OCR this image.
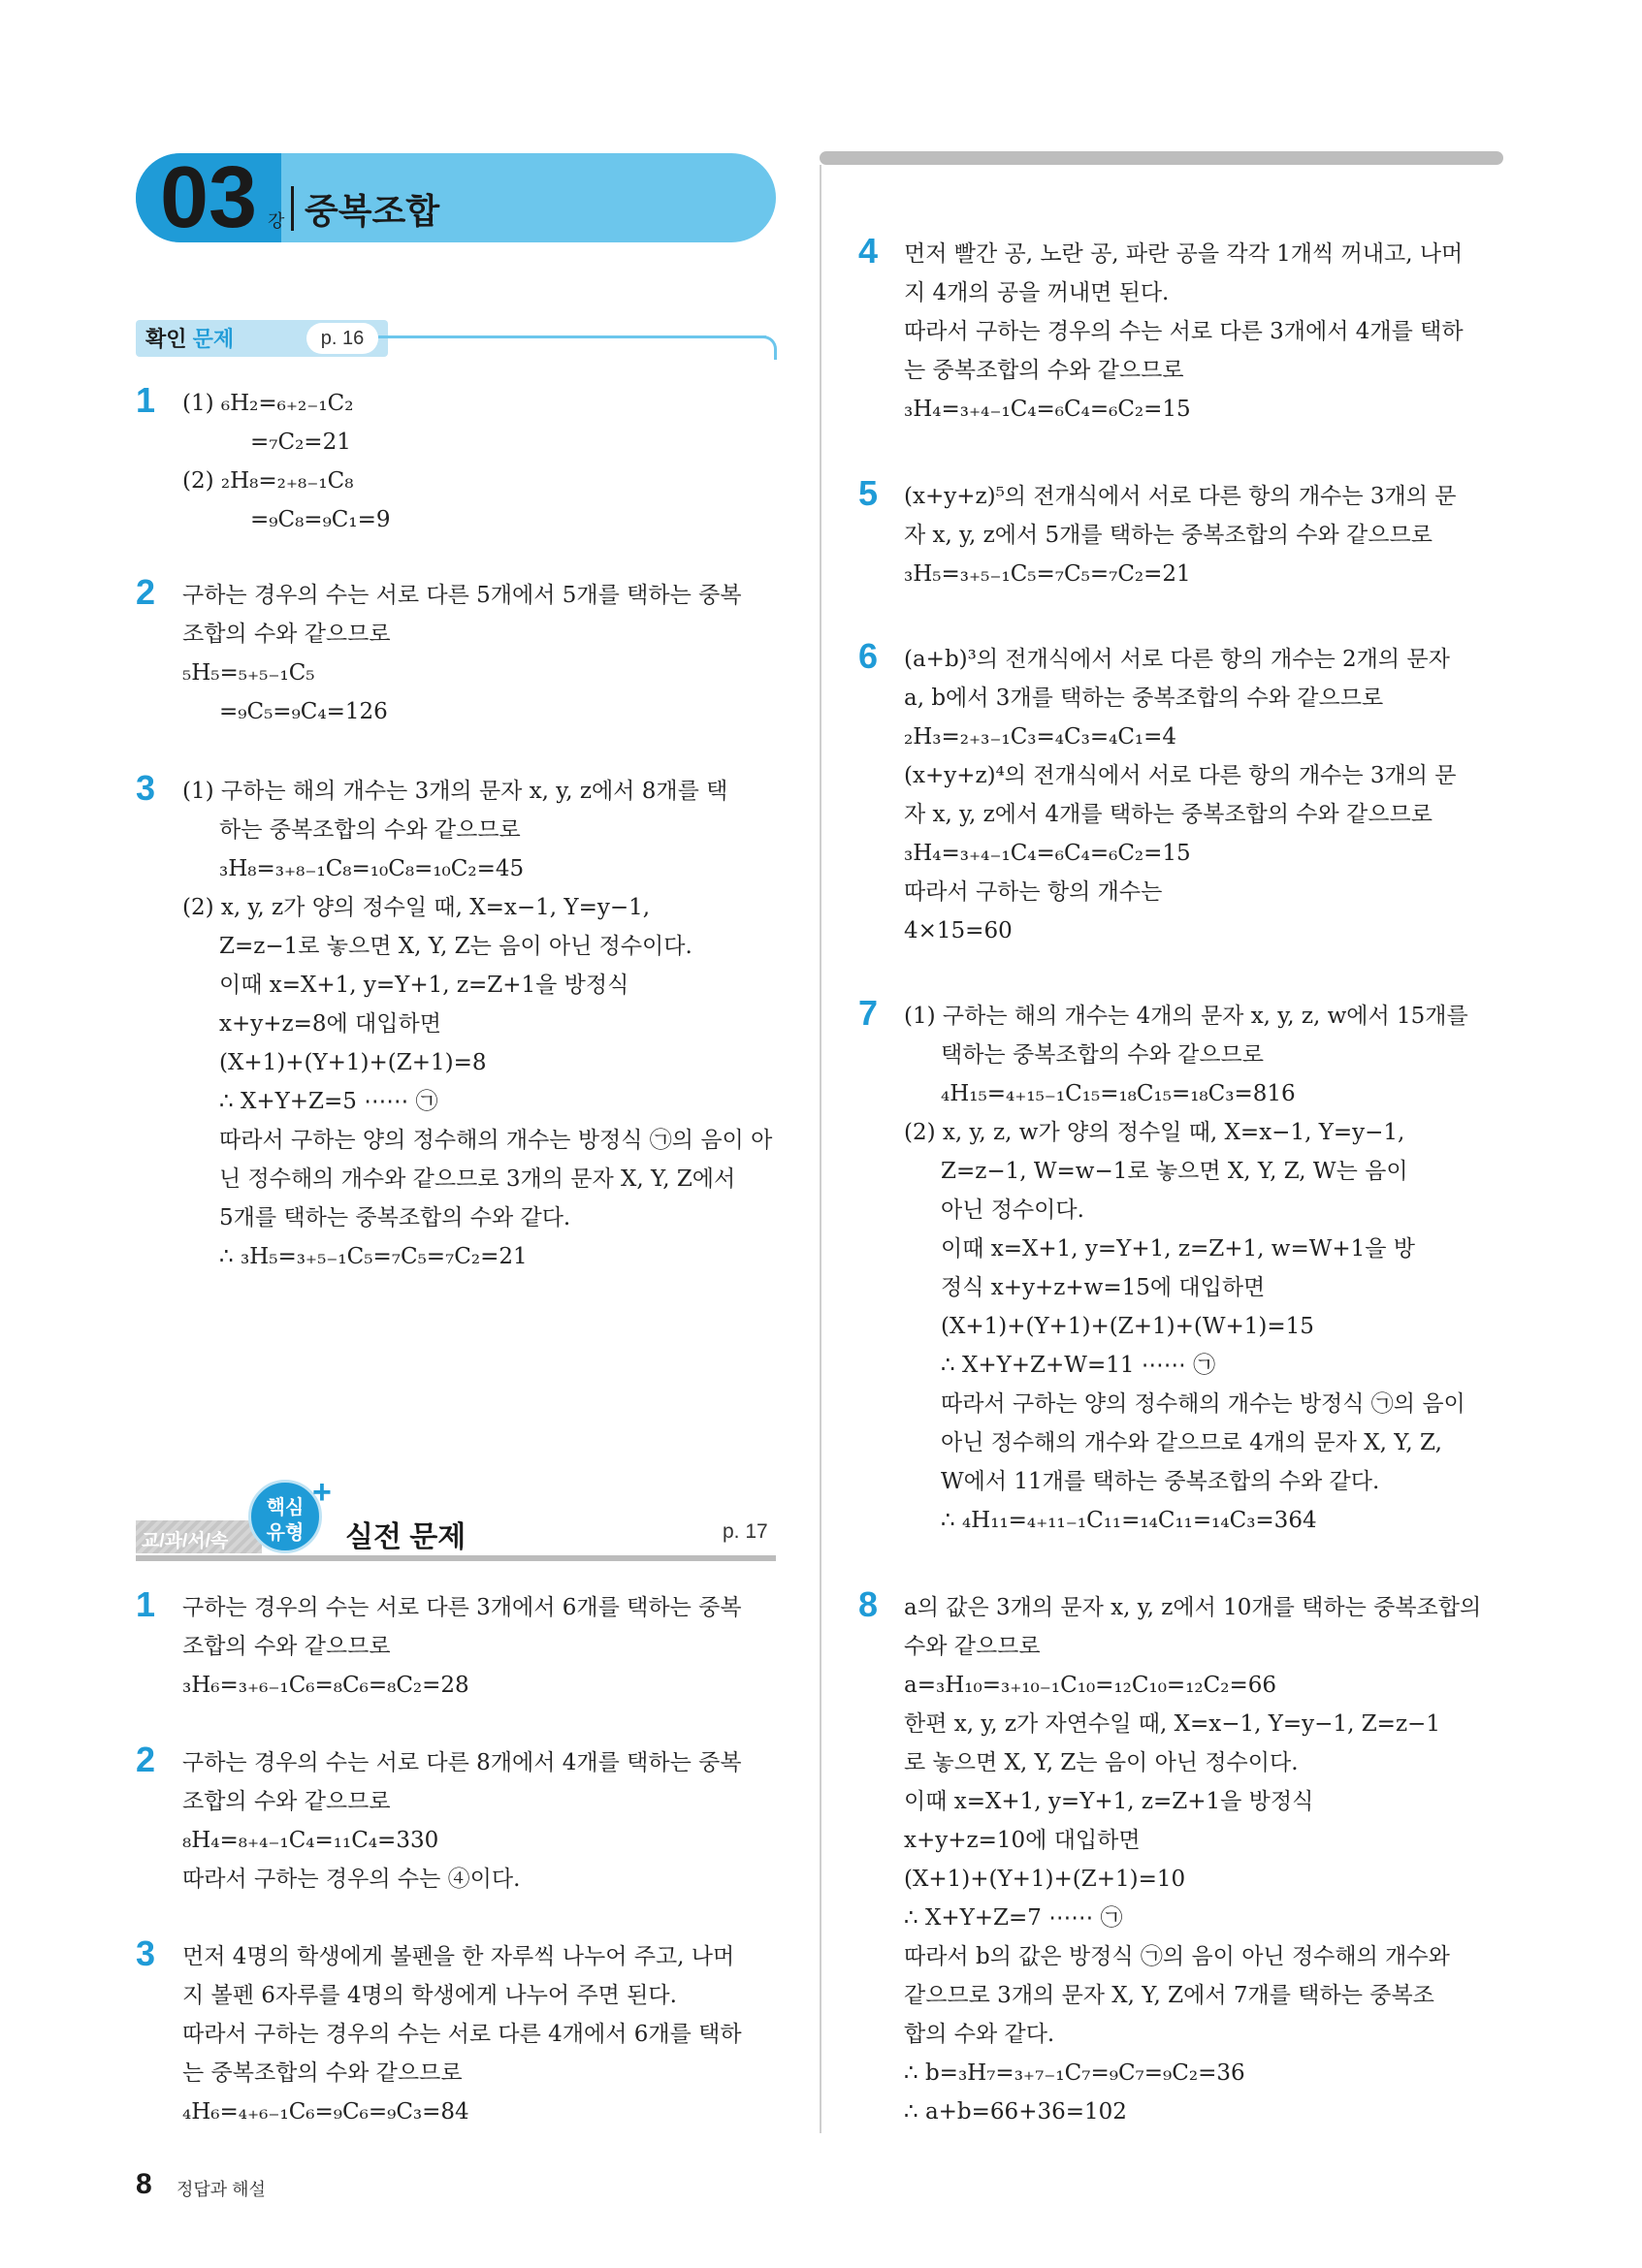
03 강 중복조합
확인 문제	p. 16
교/과/서/속
핵심
유형
+
실전 문제	p. 17
1 (1) ₆H₂=₆₊₂₋₁C₂
=₇C₂=21
(2) ₂H₈=₂₊₈₋₁C₈
=₉C₈=₉C₁=9
2 구하는 경우의 수는 서로 다른 5개에서 5개를 택하는 중복
조합의 수와 같으므로
₅H₅=₅₊₅₋₁C₅
=₉C₅=₉C₄=126
3 (1) 구하는 해의 개수는 3개의 문자 x, y, z에서 8개를 택
하는 중복조합의 수와 같으므로
₃H₈=₃₊₈₋₁C₈=₁₀C₈=₁₀C₂=45
(2) x, y, z가 양의 정수일 때, X=x−1, Y=y−1,
Z=z−1로 놓으면 X, Y, Z는 음이 아닌 정수이다.
이때 x=X+1, y=Y+1, z=Z+1을 방정식
x+y+z=8에 대입하면
(X+1)+(Y+1)+(Z+1)=8
∴ X+Y+Z=5 ⋯⋯ ㉠
따라서 구하는 양의 정수해의 개수는 방정식 ㉠의 음이 아
닌 정수해의 개수와 같으므로 3개의 문자 X, Y, Z에서
5개를 택하는 중복조합의 수와 같다.
∴ ₃H₅=₃₊₅₋₁C₅=₇C₅=₇C₂=21
1 구하는 경우의 수는 서로 다른 3개에서 6개를 택하는 중복
조합의 수와 같으므로
₃H₆=₃₊₆₋₁C₆=₈C₆=₈C₂=28
2 구하는 경우의 수는 서로 다른 8개에서 4개를 택하는 중복
조합의 수와 같으므로
₈H₄=₈₊₄₋₁C₄=₁₁C₄=330
따라서 구하는 경우의 수는 ④이다.
3 먼저 4명의 학생에게 볼펜을 한 자루씩 나누어 주고, 나머
지 볼펜 6자루를 4명의 학생에게 나누어 주면 된다.
따라서 구하는 경우의 수는 서로 다른 4개에서 6개를 택하
는 중복조합의 수와 같으므로
₄H₆=₄₊₆₋₁C₆=₉C₆=₉C₃=84
4 먼저 빨간 공, 노란 공, 파란 공을 각각 1개씩 꺼내고, 나머
지 4개의 공을 꺼내면 된다.
따라서 구하는 경우의 수는 서로 다른 3개에서 4개를 택하
는 중복조합의 수와 같으므로
₃H₄=₃₊₄₋₁C₄=₆C₄=₆C₂=15
5 (x+y+z)⁵의 전개식에서 서로 다른 항의 개수는 3개의 문
자 x, y, z에서 5개를 택하는 중복조합의 수와 같으므로
₃H₅=₃₊₅₋₁C₅=₇C₅=₇C₂=21
6 (a+b)³의 전개식에서 서로 다른 항의 개수는 2개의 문자
a, b에서 3개를 택하는 중복조합의 수와 같으므로
₂H₃=₂₊₃₋₁C₃=₄C₃=₄C₁=4
(x+y+z)⁴의 전개식에서 서로 다른 항의 개수는 3개의 문
자 x, y, z에서 4개를 택하는 중복조합의 수와 같으므로
₃H₄=₃₊₄₋₁C₄=₆C₄=₆C₂=15
따라서 구하는 항의 개수는
4×15=60
7 (1) 구하는 해의 개수는 4개의 문자 x, y, z, w에서 15개를
택하는 중복조합의 수와 같으므로
₄H₁₅=₄₊₁₅₋₁C₁₅=₁₈C₁₅=₁₈C₃=816
(2) x, y, z, w가 양의 정수일 때, X=x−1, Y=y−1,
Z=z−1, W=w−1로 놓으면 X, Y, Z, W는 음이
아닌 정수이다.
이때 x=X+1, y=Y+1, z=Z+1, w=W+1을 방
정식 x+y+z+w=15에 대입하면
(X+1)+(Y+1)+(Z+1)+(W+1)=15
∴ X+Y+Z+W=11 ⋯⋯ ㉠
따라서 구하는 양의 정수해의 개수는 방정식 ㉠의 음이
아닌 정수해의 개수와 같으므로 4개의 문자 X, Y, Z,
W에서 11개를 택하는 중복조합의 수와 같다.
∴ ₄H₁₁=₄₊₁₁₋₁C₁₁=₁₄C₁₁=₁₄C₃=364
8 a의 값은 3개의 문자 x, y, z에서 10개를 택하는 중복조합의
수와 같으므로
a=₃H₁₀=₃₊₁₀₋₁C₁₀=₁₂C₁₀=₁₂C₂=66
한편 x, y, z가 자연수일 때, X=x−1, Y=y−1, Z=z−1
로 놓으면 X, Y, Z는 음이 아닌 정수이다.
이때 x=X+1, y=Y+1, z=Z+1을 방정식
x+y+z=10에 대입하면
(X+1)+(Y+1)+(Z+1)=10
∴ X+Y+Z=7 ⋯⋯ ㉠
따라서 b의 값은 방정식 ㉠의 음이 아닌 정수해의 개수와
같으므로 3개의 문자 X, Y, Z에서 7개를 택하는 중복조
합의 수와 같다.
∴ b=₃H₇=₃₊₇₋₁C₇=₉C₇=₉C₂=36
∴ a+b=66+36=102
8 정답과 해설
